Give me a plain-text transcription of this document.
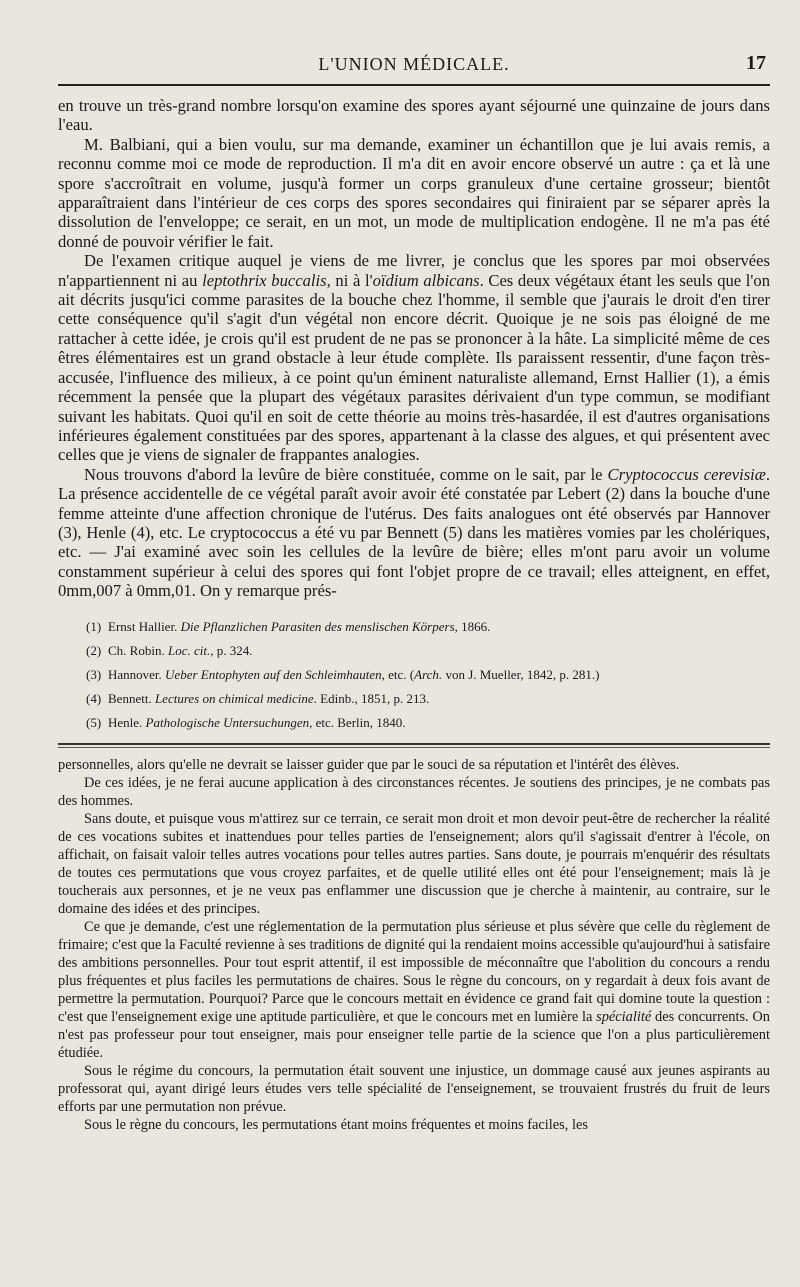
L'UNION MÉDICALE.	17

en trouve un très-grand nombre lorsqu'on examine des spores ayant séjourné une quinzaine de jours dans l'eau.

M. Balbiani, qui a bien voulu, sur ma demande, examiner un échantillon que je lui avais remis, a reconnu comme moi ce mode de reproduction. Il m'a dit en avoir encore observé un autre : ça et là une spore s'accroîtrait en volume, jusqu'à former un corps granuleux d'une certaine grosseur; bientôt apparaîtraient dans l'intérieur de ces corps des spores secondaires qui finiraient par se séparer après la dissolution de l'enveloppe; ce serait, en un mot, un mode de multiplication endogène. Il ne m'a pas été donné de pouvoir vérifier le fait.

De l'examen critique auquel je viens de me livrer, je conclus que les spores par moi observées n'appartiennent ni au leptothrix buccalis, ni à l'oïdium albicans. Ces deux végétaux étant les seuls que l'on ait décrits jusqu'ici comme parasites de la bouche chez l'homme, il semble que j'aurais le droit d'en tirer cette conséquence qu'il s'agit d'un végétal non encore décrit. Quoique je ne sois pas éloigné de me rattacher à cette idée, je crois qu'il est prudent de ne pas se prononcer à la hâte. La simplicité même de ces êtres élémentaires est un grand obstacle à leur étude complète. Ils paraissent ressentir, d'une façon très-accusée, l'influence des milieux, à ce point qu'un éminent naturaliste allemand, Ernst Hallier (1), a émis récemment la pensée que la plupart des végétaux parasites dérivaient d'un type commun, se modifiant suivant les habitats. Quoi qu'il en soit de cette théorie au moins très-hasardée, il est d'autres organisations inférieures également constituées par des spores, appartenant à la classe des algues, et qui présentent avec celles que je viens de signaler de frappantes analogies.

Nous trouvons d'abord la levûre de bière constituée, comme on le sait, par le Cryptococcus cerevisiæ. La présence accidentelle de ce végétal paraît avoir avoir été constatée par Lebert (2) dans la bouche d'une femme atteinte d'une affection chronique de l'utérus. Des faits analogues ont été observés par Hannover (3), Henle (4), etc. Le cryptococcus a été vu par Bennett (5) dans les matières vomies par les cholériques, etc. — J'ai examiné avec soin les cellules de la levûre de bière; elles m'ont paru avoir un volume constamment supérieur à celui des spores qui font l'objet propre de ce travail; elles atteignent, en effet, 0mm,007 à 0mm,01. On y remarque prés-

(1) Ernst Hallier. Die Pflanzlichen Parasiten des menslischen Körpers, 1866.
(2) Ch. Robin. Loc. cit., p. 324.
(3) Hannover. Ueber Entophyten auf den Schleimhauten, etc. (Arch. von J. Mueller, 1842, p. 281.)
(4) Bennett. Lectures on chimical medicine. Edinb., 1851, p. 213.
(5) Henle. Pathologische Untersuchungen, etc. Berlin, 1840.

personnelles, alors qu'elle ne devrait se laisser guider que par le souci de sa réputation et l'intérêt des élèves.

De ces idées, je ne ferai aucune application à des circonstances récentes. Je soutiens des principes, je ne combats pas des hommes.

Sans doute, et puisque vous m'attirez sur ce terrain, ce serait mon droit et mon devoir peut-être de rechercher la réalité de ces vocations subites et inattendues pour telles parties de l'enseignement; alors qu'il s'agissait d'entrer à l'école, on affichait, on faisait valoir telles autres vocations pour telles autres parties. Sans doute, je pourrais m'enquérir des résultats de toutes ces permutations que vous croyez parfaites, et de quelle utilité elles ont été pour l'enseignement; mais là je toucherais aux personnes, et je ne veux pas enflammer une discussion que je cherche à maintenir, au contraire, sur le domaine des idées et des principes.

Ce que je demande, c'est une réglementation de la permutation plus sérieuse et plus sévère que celle du règlement de frimaire; c'est que la Faculté revienne à ses traditions de dignité qui la rendaient moins accessible qu'aujourd'hui à satisfaire des ambitions personnelles. Pour tout esprit attentif, il est impossible de méconnaître que l'abolition du concours a rendu plus fréquentes et plus faciles les permutations de chaires. Sous le règne du concours, on y regardait à deux fois avant de permettre la permutation. Pourquoi? Parce que le concours mettait en évidence ce grand fait qui domine toute la question : c'est que l'enseignement exige une aptitude particulière, et que le concours met en lumière la spécialité des concurrents. On n'est pas professeur pour tout enseigner, mais pour enseigner telle partie de la science que l'on a plus particulièrement étudiée.

Sous le régime du concours, la permutation était souvent une injustice, un dommage causé aux jeunes aspirants au professorat qui, ayant dirigé leurs études vers telle spécialité de l'enseignement, se trouvaient frustrés du fruit de leurs efforts par une permutation non prévue.

Sous le règne du concours, les permutations étant moins fréquentes et moins faciles, les
